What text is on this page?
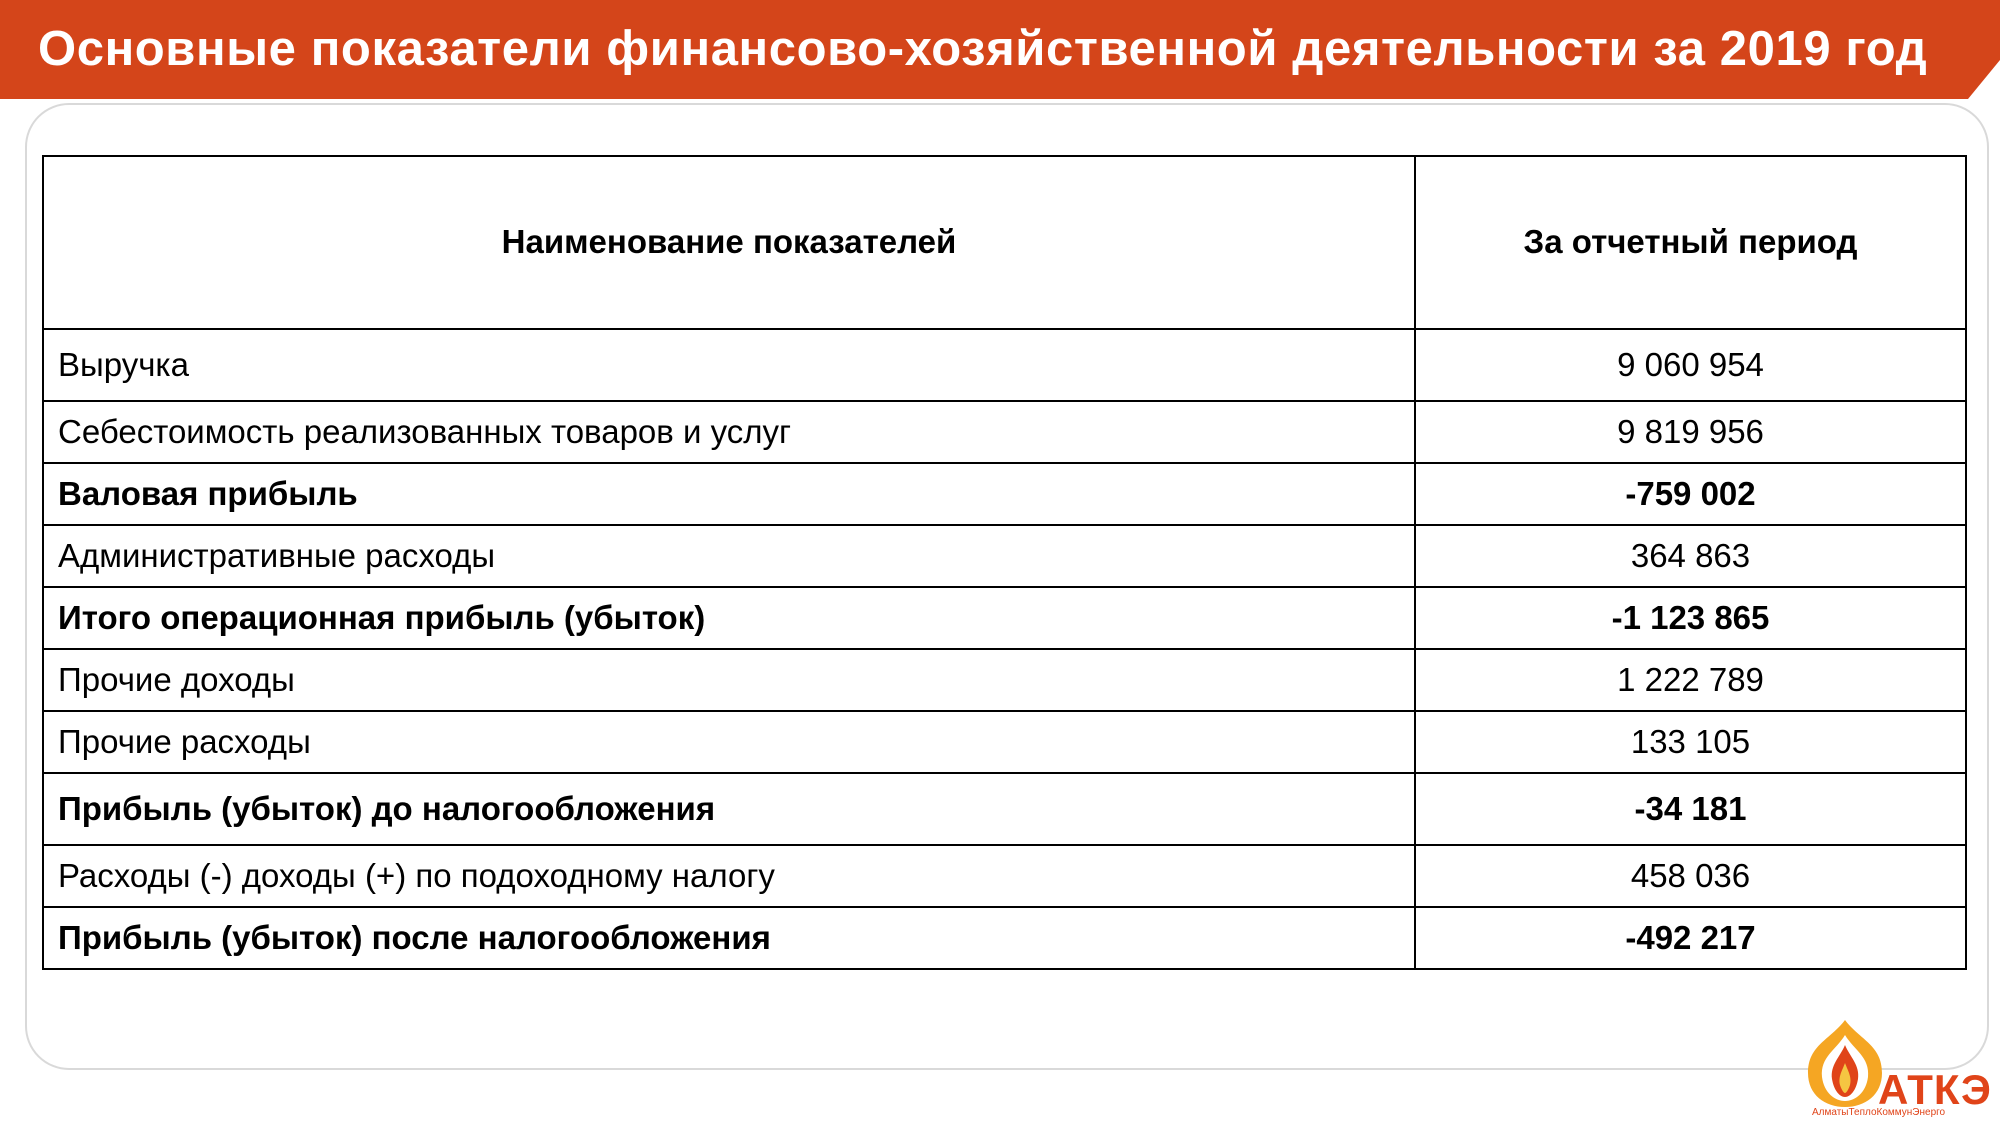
Основные показатели финансово-хозяйственной деятельности за 2019 год
Наименование показателей	За отчетный период
Выручка	9 060 954
Себестоимость реализованных товаров и услуг	9 819 956
Валовая прибыль	-759 002
Административные расходы	364 863
Итого операционная прибыль (убыток)	-1 123 865
Прочие доходы	1 222 789
Прочие расходы	133 105
Прибыль (убыток) до налогообложения	-34 181
Расходы (-) доходы (+) по подоходному налогу	458 036
Прибыль (убыток) после налогообложения	-492 217
АТКЭ
АлматыТеплоКоммунЭнерго
